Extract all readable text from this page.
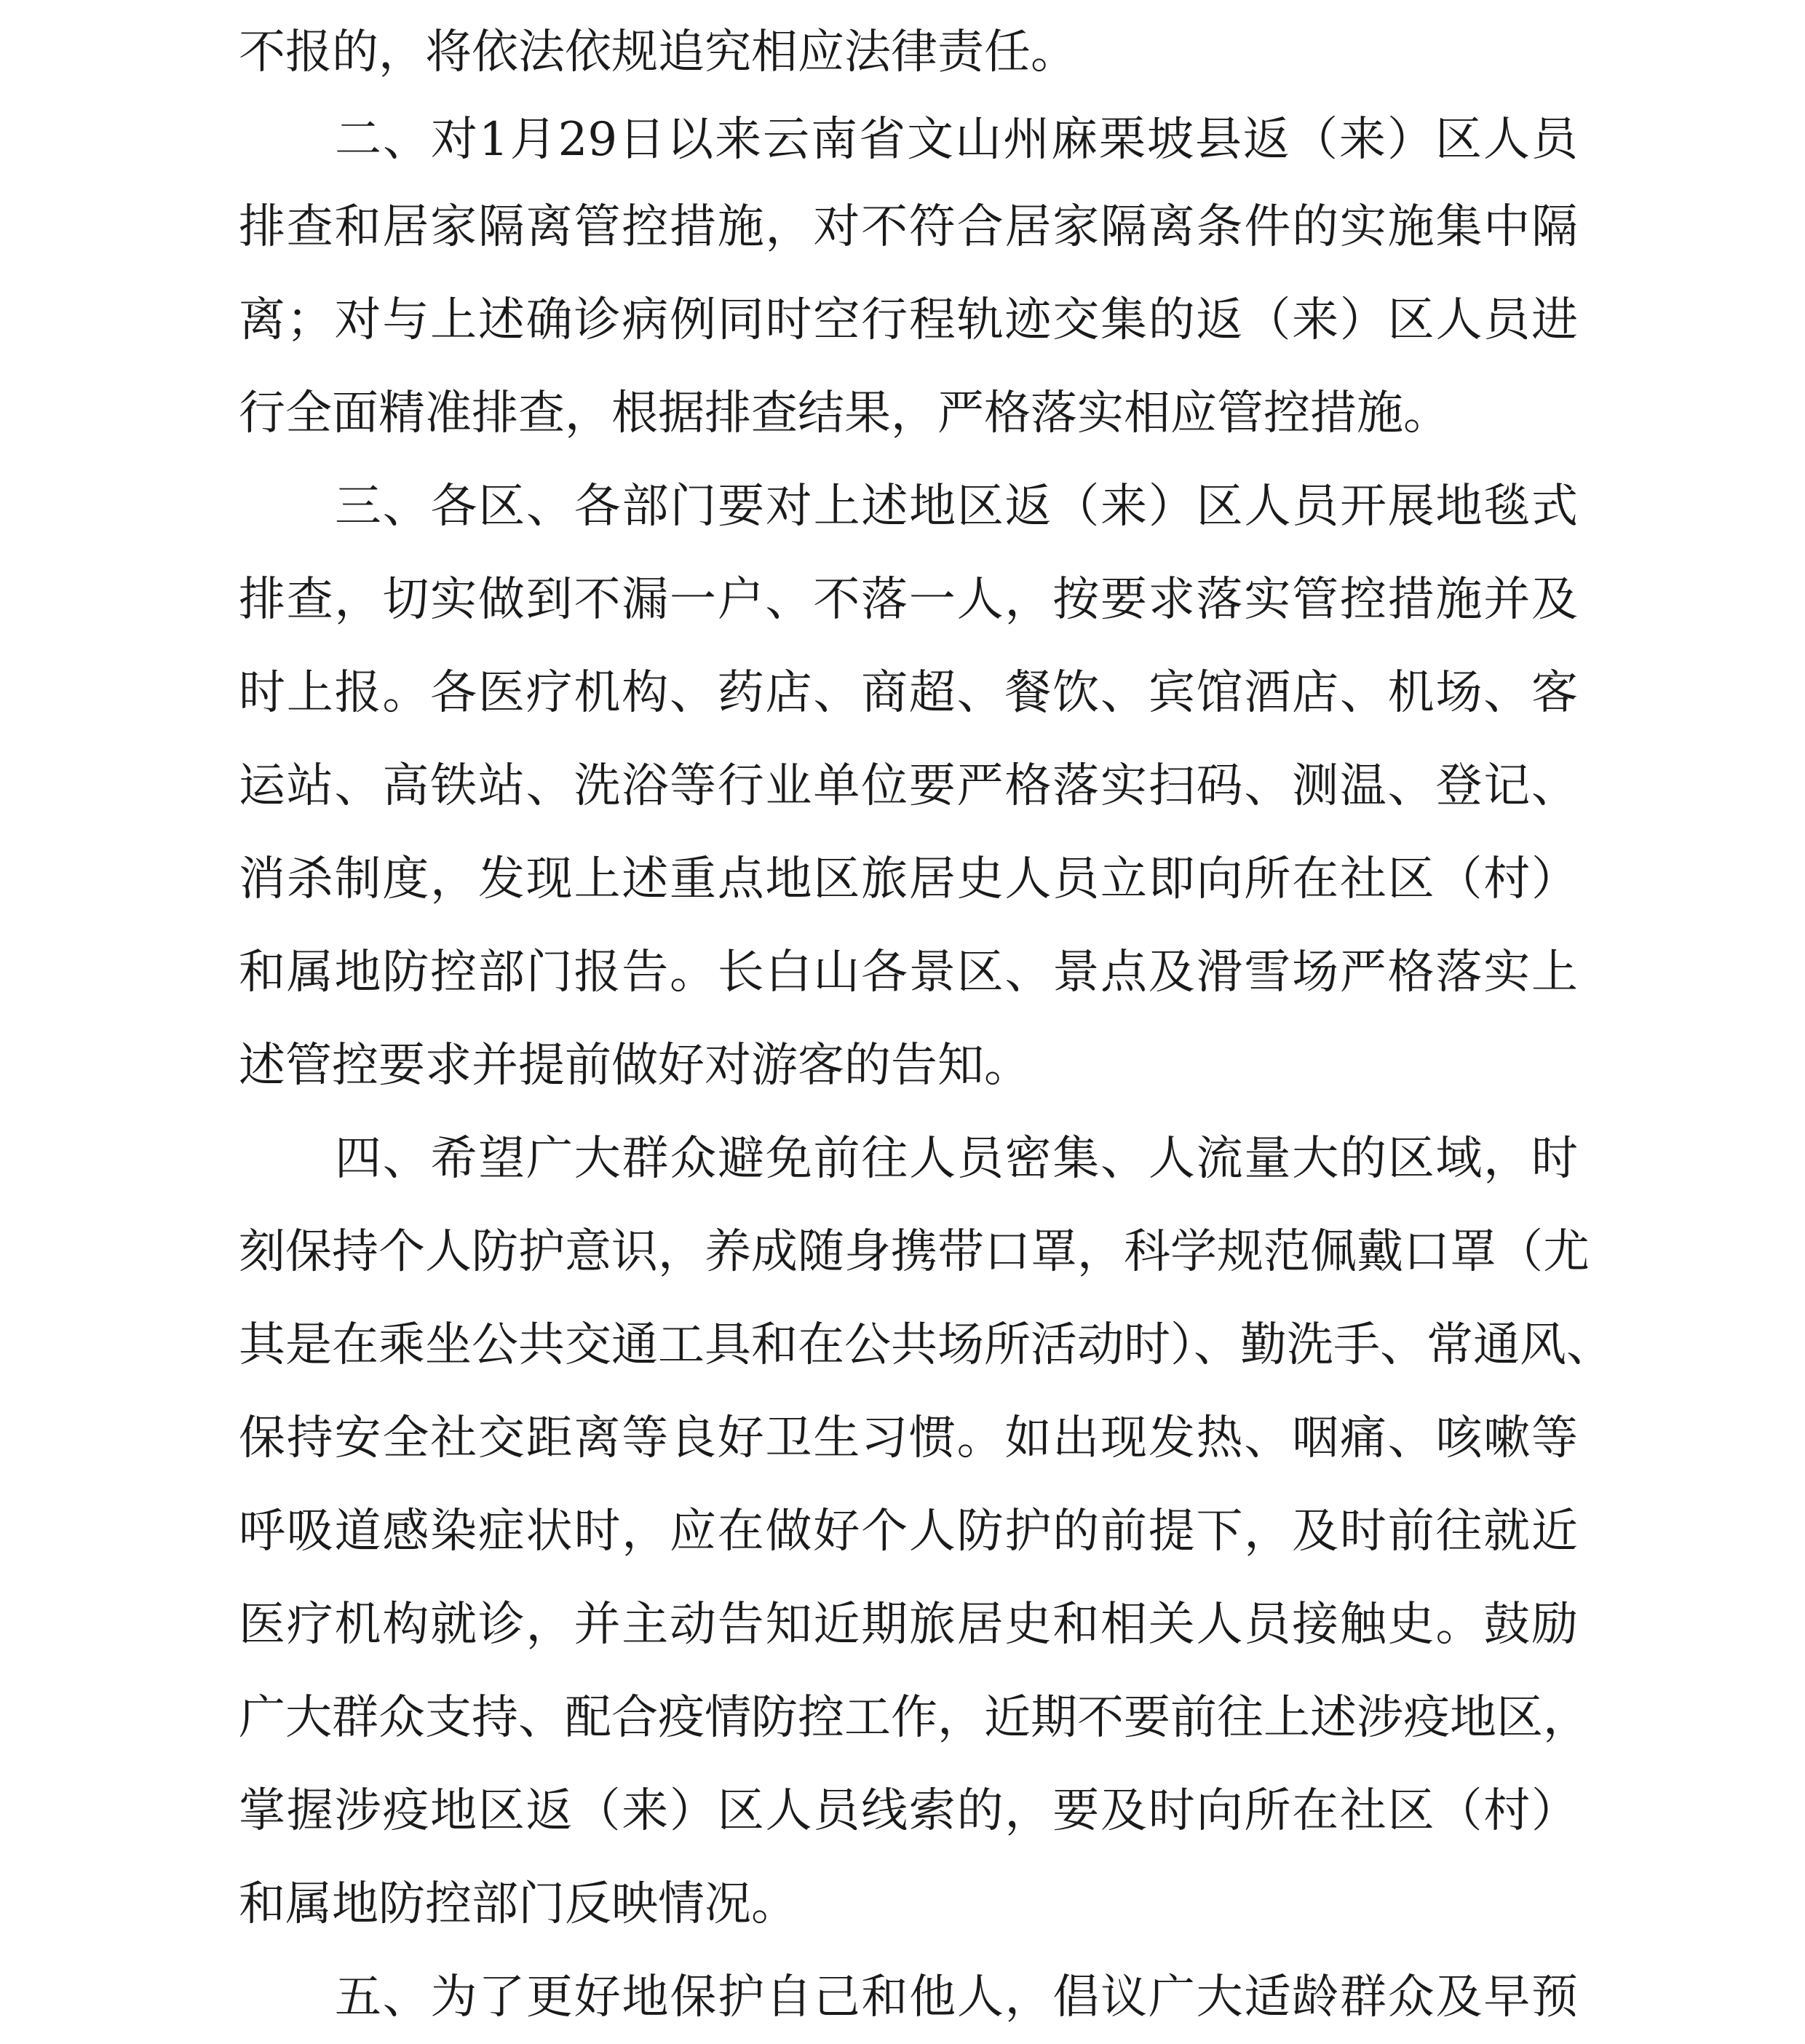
不报的，将依法依规追究相应法律责任。
二、对1月29日以来云南省文山州麻栗坡县返（来）区人员
排查和居家隔离管控措施，对不符合居家隔离条件的实施集中隔
离；对与上述确诊病例同时空行程轨迹交集的返（来）区人员进
行全面精准排查，根据排查结果，严格落实相应管控措施。
三、各区、各部门要对上述地区返（来）区人员开展地毯式
排查，切实做到不漏一户、不落一人，按要求落实管控措施并及
时上报。各医疗机构、药店、商超、餐饮、宾馆酒店、机场、客
运站、高铁站、洗浴等行业单位要严格落实扫码、测温、登记、
消杀制度，发现上述重点地区旅居史人员立即向所在社区（村）
和属地防控部门报告。长白山各景区、景点及滑雪场严格落实上
述管控要求并提前做好对游客的告知。
四、希望广大群众避免前往人员密集、人流量大的区域，时
刻保持个人防护意识，养成随身携带口罩，科学规范佩戴口罩（尤
其是在乘坐公共交通工具和在公共场所活动时）、勤洗手、常通风、
保持安全社交距离等良好卫生习惯。如出现发热、咽痛、咳嗽等
呼吸道感染症状时，应在做好个人防护的前提下，及时前往就近
医疗机构就诊，并主动告知近期旅居史和相关人员接触史。鼓励
广大群众支持、配合疫情防控工作，近期不要前往上述涉疫地区，
掌握涉疫地区返（来）区人员线索的，要及时向所在社区（村）
和属地防控部门反映情况。
五、为了更好地保护自己和他人，倡议广大适龄群众及早预
